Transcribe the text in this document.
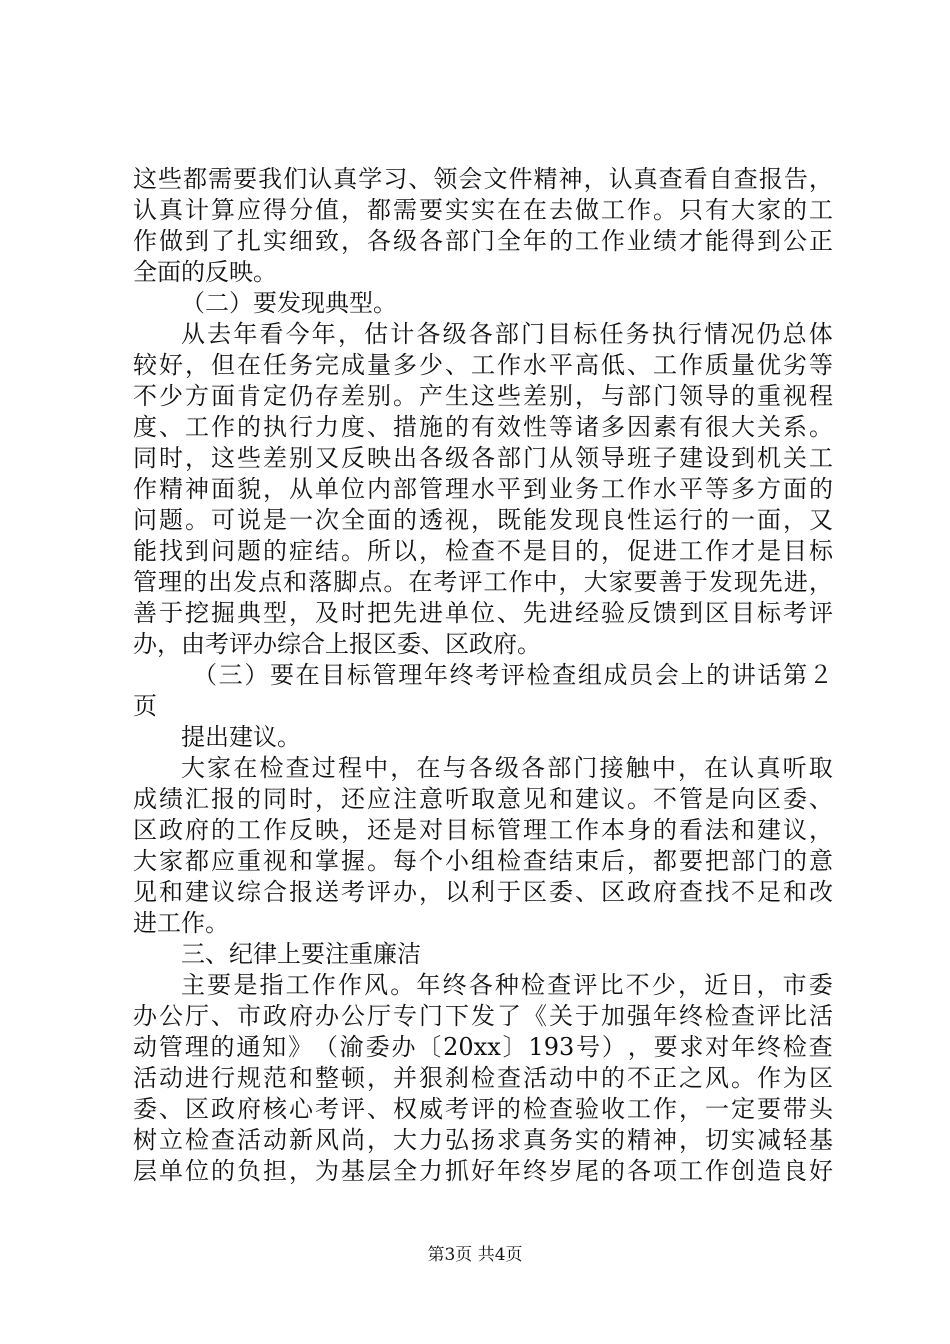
这 些 都 需 要 我 们 认 真 学 习 、 领 会 文 件 精 神 ， 认 真 查 看 自 查 报 告 ，
认 真 计 算 应 得 分 值 ， 都 需 要 实 实 在 在 去 做 工 作 。 只 有 大 家 的 工
作 做 到 了 扎 实 细 致 ， 各 级 各 部 门 全 年 的 工 作 业 绩 才 能 得 到 公 正
全面的反映。
（二）要发现典型。
从 去 年 看 今 年 ， 估 计 各 级 各 部 门 目 标 任 务 执 行 情 况 仍 总 体
较 好 ， 但 在 任 务 完 成 量 多 少 、 工 作 水 平 高 低 、 工 作 质 量 优 劣 等
不 少 方 面 肯 定 仍 存 差 别 。 产 生 这 些 差 别 ， 与 部 门 领 导 的 重 视 程
度 、 工 作 的 执 行 力 度 、 措 施 的 有 效 性 等 诸 多 因 素 有 很 大 关 系 。
同 时 ， 这 些 差 别 又 反 映 出 各 级 各 部 门 从 领 导 班 子 建 设 到 机 关 工
作 精 神 面 貌 ， 从 单 位 内 部 管 理 水 平 到 业 务 工 作 水 平 等 多 方 面 的
问 题 。 可 说 是 一 次 全 面 的 透 视 ， 既 能 发 现 良 性 运 行 的 一 面 ， 又
能 找 到 问 题 的 症 结 。 所 以 ， 检 查 不 是 目 的 ， 促 进 工 作 才 是 目 标
管 理 的 出 发 点 和 落 脚 点 。 在 考 评 工 作 中 ， 大 家 要 善 于 发 现 先 进 ，
善 于 挖 掘 典 型 ， 及 时 把 先 进 单 位 、 先 进 经 验 反 馈 到 区 目 标 考 评
办，由考评办综合上报区委、区政府。
（ 三 ） 要 在 目 标 管 理 年 终 考 评 检 查 组 成 员 会 上 的 讲 话 第 ２
页
提出建议。
大 家 在 检 查 过 程 中 ， 在 与 各 级 各 部 门 接 触 中 ， 在 认 真 听 取
成 绩 汇 报 的 同 时 ， 还 应 注 意 听 取 意 见 和 建 议 。 不 管 是 向 区 委 、
区 政 府 的 工 作 反 映 ， 还 是 对 目 标 管 理 工 作 本 身 的 看 法 和 建 议 ，
大 家 都 应 重 视 和 掌 握 。 每 个 小 组 检 查 结 束 后 ， 都 要 把 部 门 的 意
见 和 建 议 综 合 报 送 考 评 办 ， 以 利 于 区 委 、 区 政 府 查 找 不 足 和 改
进工作。
三、纪律上要注重廉洁
主 要 是 指 工 作 作 风 。 年 终 各 种 检 查 评 比 不 少 ， 近 日 ， 市 委
办 公 厅 、 市 政 府 办 公 厅 专 门 下 发 了 《 关 于 加 强 年 终 检 查 评 比 活
动 管 理 的 通 知 》 （ 渝 委 办 〔 20xx 〕 193 号 ） ， 要 求 对 年 终 检 查
活 动 进 行 规 范 和 整 顿 ， 并 狠 刹 检 查 活 动 中 的 不 正 之 风 。 作 为 区
委 、 区 政 府 核 心 考 评 、 权 威 考 评 的 检 查 验 收 工 作 ， 一 定 要 带 头
树 立 检 查 活 动 新 风 尚 ， 大 力 弘 扬 求 真 务 实 的 精 神 ， 切 实 减 轻 基
层 单 位 的 负 担 ， 为 基 层 全 力 抓 好 年 终 岁 尾 的 各 项 工 作 创 造 良 好
第3页 共4页
